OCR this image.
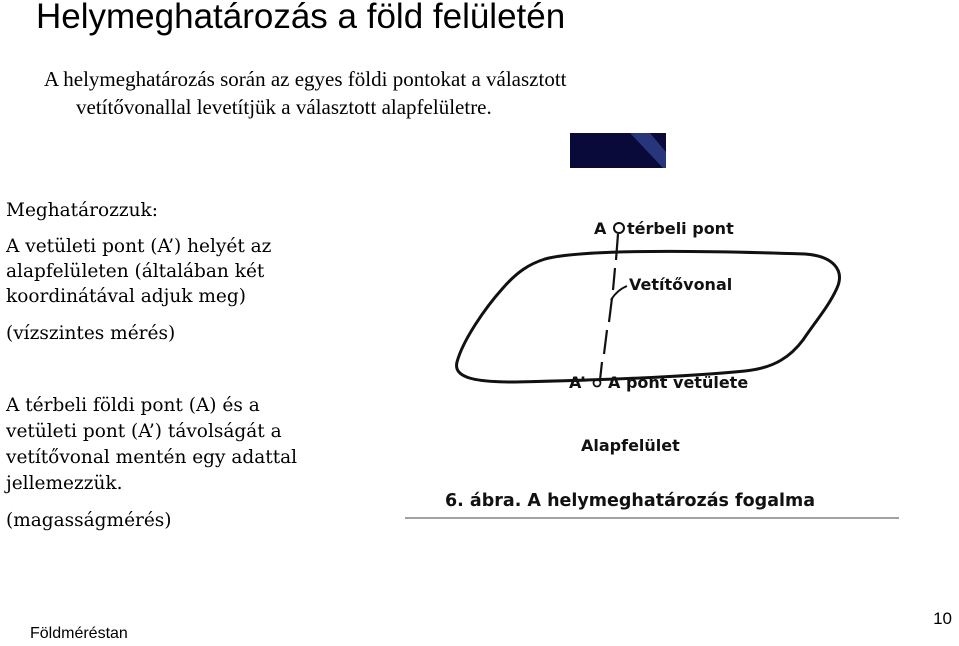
Helymeghatározás a föld felületén
A helymeghatározás során az egyes földi pontokat a választott
vetítővonallal levetítjük a választott alapfelületre.
Meghatározzuk:
A vetületi pont (A’) helyét az
alapfelületen (általában két
koordinátával adjuk meg)
(vízszintes mérés)
A térbeli földi pont (A) és a
vetületi pont (A’) távolságát a
vetítővonal mentén egy adattal
jellemezzük.
(magasságmérés)
A térbeli pont
Vetítővonal
A’ A pont vetülete
Alapfelület
6. ábra. A helymeghatározás fogalma
Földméréstan
10
